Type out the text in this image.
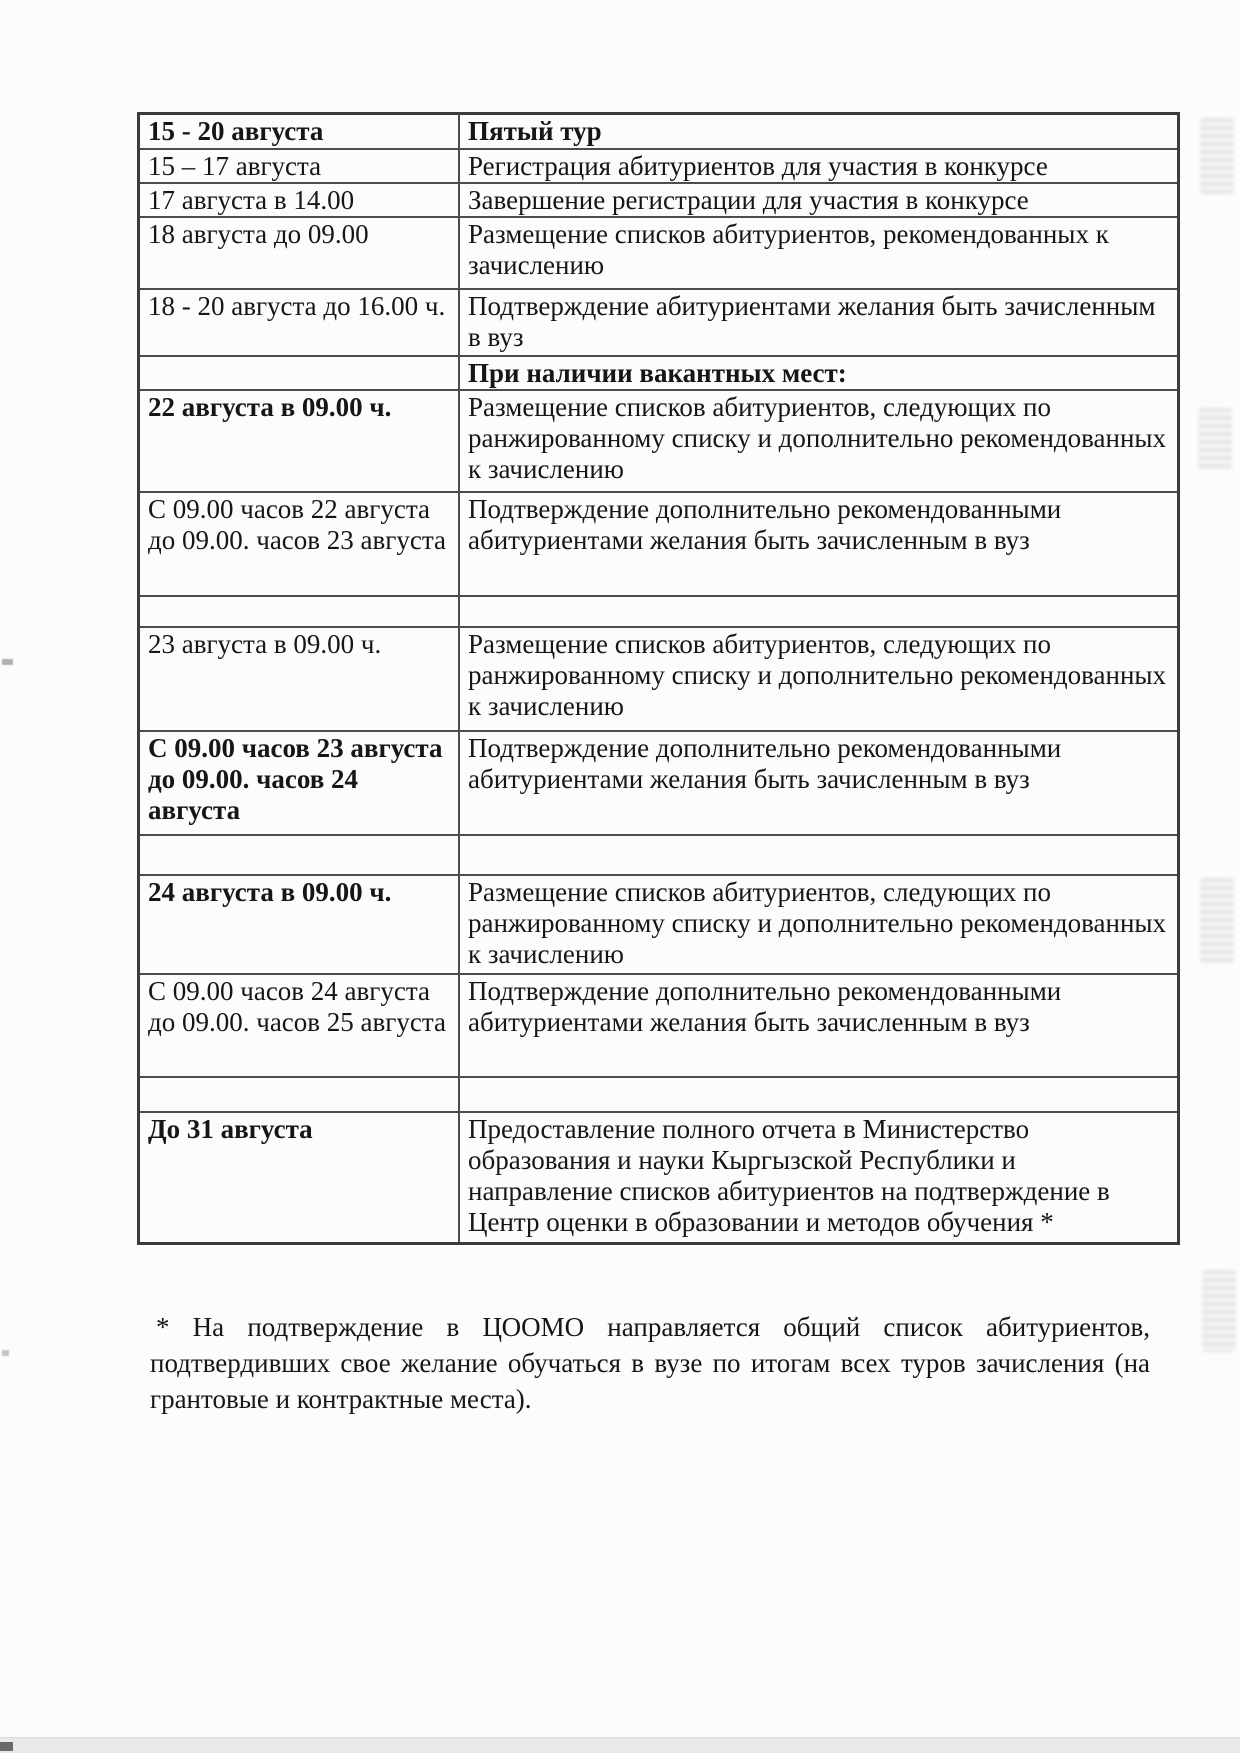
15 - 20 августа	Пятый тур
15 – 17 августа	Регистрация абитуриентов для участия в конкурсе
17 августа в 14.00	Завершение регистрации для участия в конкурсе
18 августа до 09.00	Размещение списков абитуриентов, рекомендованных к зачислению
18 - 20 августа до 16.00 ч.	Подтверждение абитуриентами желания быть зачисленным в вуз
	При наличии вакантных мест:
22 августа в 09.00 ч.	Размещение списков абитуриентов, следующих по ранжированному списку и дополнительно рекомендованных к зачислению
С 09.00 часов 22 августа до 09.00. часов 23 августа	Подтверждение дополнительно рекомендованными абитуриентами желания быть зачисленным в вуз

23 августа в 09.00 ч.	Размещение списков абитуриентов, следующих по ранжированному списку и дополнительно рекомендованных к зачислению
С 09.00 часов 23 августа до 09.00. часов 24 августа	Подтверждение дополнительно рекомендованными абитуриентами желания быть зачисленным в вуз

24 августа в 09.00 ч.	Размещение списков абитуриентов, следующих по ранжированному списку и дополнительно рекомендованных к зачислению
С 09.00 часов 24 августа до 09.00. часов 25 августа	Подтверждение дополнительно рекомендованными абитуриентами желания быть зачисленным в вуз

До 31 августа	Предоставление полного отчета в Министерство образования и науки Кыргызской Республики и направление списков абитуриентов на подтверждение в Центр оценки в образовании и методов обучения *

* На подтверждение в ЦООМО направляется общий список абитуриентов, подтвердивших свое желание обучаться в вузе по итогам всех туров зачисления (на грантовые и контрактные места).
